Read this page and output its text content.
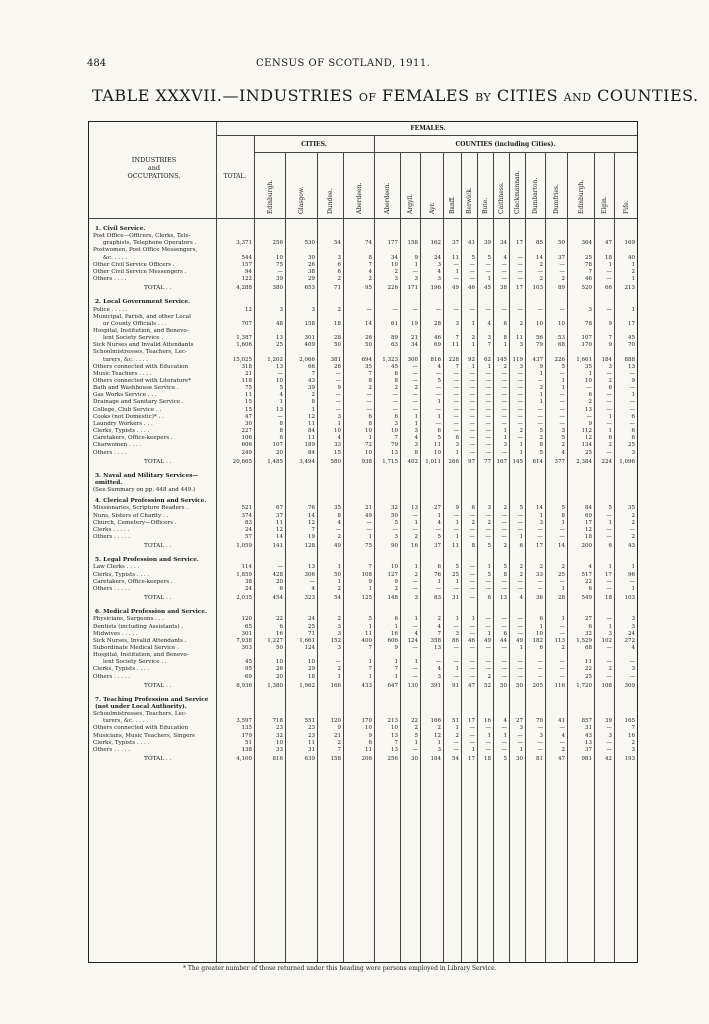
484	CENSUS OF SCOTLAND, 1911.
TABLE XXXVII.—INDUSTRIES OF FEMALES BY CITIES AND COUNTIES.
FEMALES.
CITIES.	COUNTIES (including Cities).
INDUSTRIES
and
OCCUPATIONS.	TOTAL.
Edinburgh.	Glasgow.	Dundee.	Aberdeen.	Aberdeen.	Argyll. Ayr. Banff. Berwick. Bute. Caithness. Clackmannan. Dumbarton. Dumfries.	Edinburgh.	Elgin. Fife.
1. Civil Service.
Post Office—Officers, Clerks, Tele-
graphists, Telephone Operators .	3,371	256	530	54	74	177	158	162	37	41	39	34	17	85	50	364	47	169
Postwomen, Post Office Messengers,
&c. . . . .	544	10	30	3	8	34	9	24	11	5	5	4	—	14	37	25	18	40
Other Civil Service Officers .	157	75	26	6	7	10	1	3	—	—	—	—	—	2	—	78	1	1
Other Civil Service Messengers .	94	—	38	6	4	2	—	4	1	—	—	—	—	—	—	7	—	2
Others . . . .	122	39	29	2	2	3	3	3	—	—	1	—	—	2	2	46	—	1
TOTAL . .	4,288	380	653	71	95	226	171	196	49	46	45	38	17	103	89	520	66	213
2. Local Government Service.
Police . . . . .	12	3	3	2	—	—	—	—	—	—	—	—	—	—	—	3	—	1
Municipal, Parish, and other Local
or County Officials . . .	707	48	158	18	14	61	19	28	3	1	4	6	2	10	10	78	9	17
Hospital, Institution, and Benevo-
lent Society Service .	1,387	13	301	28	26	89	21	46	7	2	3	8	11	56	53	107	7	45
Sick Nurses and Invalid Attendants	1,606	25	409	50	50	63	34	69	11	1	7	1	3	79	68	170	9	70
Schoolmistresses, Teachers, Lec-
turers, &c. . . . .	15,025	1,202	2,066	381	694	1,323	306	816	228	92	62	145	119	437	226	1,661	184	888
Others connected with Education	318	13	66	26	35	45	—	4	7	1	1	2	3	9	5	35	3	13
Music Teachers . . . .	21	—	7	—	7	6	—	—	—	—	—	—	—	1	—	1	—	—
Others connected with Literature*	118	10	43	—	8	8	—	5	—	—	—	—	—	—	1	10	2	9
Bath and Washhouse Service .	75	5	39	9	2	2	2	—	—	—	—	—	—	2	1	—	6	—
Gas Works Service . . .	11	4	2	—	—	—	—	—	—	—	—	—	—	1	—	6	—	1
Drainage and Sanitary Service .	15	1	8	—	—	—	—	1	—	—	—	—	—	1	—	2	—	—
College, Club Service . .	15	13	1	—	—	—	—	—	—	—	—	—	—	—	—	13	—	—
Cooks (not Domestic)* . .	47	—	12	3	6	6	1	1	—	—	—	—	—	—	—	—	1	6
Laundry Workers . . .	30	8	11	1	8	3	1	—	—	—	—	—	—	—	—	9	—	—
Clerks, Typists . . . .	227	8	84	10	10	10	3	6	—	—	—	1	2	5	3	112	1	6
Caretakers, Office-keepers .	106	6	11	4	1	7	4	5	6	—	—	1	—	2	5	12	6	6
Charwomen . . . .	606	107	189	33	72	79	3	11	3	—	—	3	1	8	2	134	2	25
Others . . . .	249	20	84	15	10	13	8	10	1	—	—	—	1	5	4	25	—	3
TOTAL . .	20,665	1,485	3,494	580	938	1,715	402	1,011	266	97	77	167	145	614	377	2,384	224	1,096
3. Naval and Military Services—
omitted.
(See Summary on pp. 448 and 449.)
4. Clerical Profession and Service.
Missionaries, Scripture Readers .	521	67	76	35	21	32	13	27	9	6	3	2	5	14	5	84	5	35
Nuns, Sisters of Charity . .	374	37	14	8	49	50	—	1	—	—	—	—	—	1	8	69	—	2
Church, Cemetery—Officers .	83	11	12	4	—	5	1	4	1	2	2	—	—	3	1	17	1	2
Clerks . . . . .	24	12	7	—	—	—	—	—	—	—	—	—	—	—	—	12	—	—
Others . . . . .	57	14	19	2	1	3	2	5	1	—	—	—	1	—	—	18	—	2
TOTAL . .	1,059	141	128	49	75	90	16	37	11	8	5	2	6	17	14	200	6	43
5. Legal Profession and Service.
Law Clerks . . . .	114	—	13	1	7	10	1	6	5	—	1	5	2	2	2	4	1	1
Clerks, Typists . . . .	1,859	428	306	50	108	127	2	76	25	—	5	8	2	33	25	517	17	96
Caretakers, Office-keepers .	38	20	—	1	9	9	—	1	1	—	—	—	—	—	—	22	—	—
Others . . . . .	24	6	4	2	1	2	—	—	—	—	—	—	—	—	1	6	—	1
TOTAL . .	2,035	454	323	54	125	148	3	83	31	—	6	13	4	36	28	549	18	103
6. Medical Profession and Service.
Physicians, Surgeons . . .	120	22	24	2	5	6	1	2	1	1	—	—	—	6	1	27	—	3
Dentists (including Assistants) .	65	6	25	3	1	1	—	4	—	—	—	—	—	1	—	6	1	3
Midwives . . . . .	301	16	71	3	11	16	4	7	3	—	1	6	—	10	—	32	3	24
Sick Nurses, Invalid Attendants .	7,938	1,227	1,661	152	400	606	124	358	86	46	49	44	49	182	113	1,529	102	272
Subordinate Medical Service .	303	50	124	3	7	9	—	13	—	—	—	—	1	6	2	68	—	4
Hospital, Institution, and Benevo-
lent Society Service . .	45	10	10	—	1	1	1	—	—	—	—	—	—	—	—	11	—	—
Clerks, Typists . . . .	95	26	29	2	7	7	—	4	1	—	—	—	—	—	—	22	2	3
Others . . . . .	69	20	18	1	1	1	—	3	—	—	2	—	—	—	—	25	—	—
TOTAL . .	8,936	1,380	1,962	166	433	647	130	391	91	47	52	50	50	205	116	1,720	108	309
7. Teaching Profession and Service
(not under Local Authority).
Schoolmistresses, Teachers, Lec-
turers, &c. . . . .	3,597	718	551	120	170	213	22	166	51	17	16	4	27	70	41	857	39	165
Others connected with Education	135	23	23	9	10	10	2	2	1	—	—	—	3	—	—	31	—	7
Musicians, Music Teachers, Singers	179	32	23	21	9	13	5	12	2	—	1	1	—	3	4	43	3	16
Clerks, Typists . . . .	51	10	11	2	6	7	1	1	—	—	—	—	—	—	—	13	—	2
Others . . . . .	138	33	31	7	11	13	—	3	—	1	—	—	1	—	2	37	—	3
TOTAL . .	4,100	816	639	158	206	256	30	184	54	17	18	5	30	81	47	981	42	193
* The greater number of those returned under this heading were persons employed in Library Service.
